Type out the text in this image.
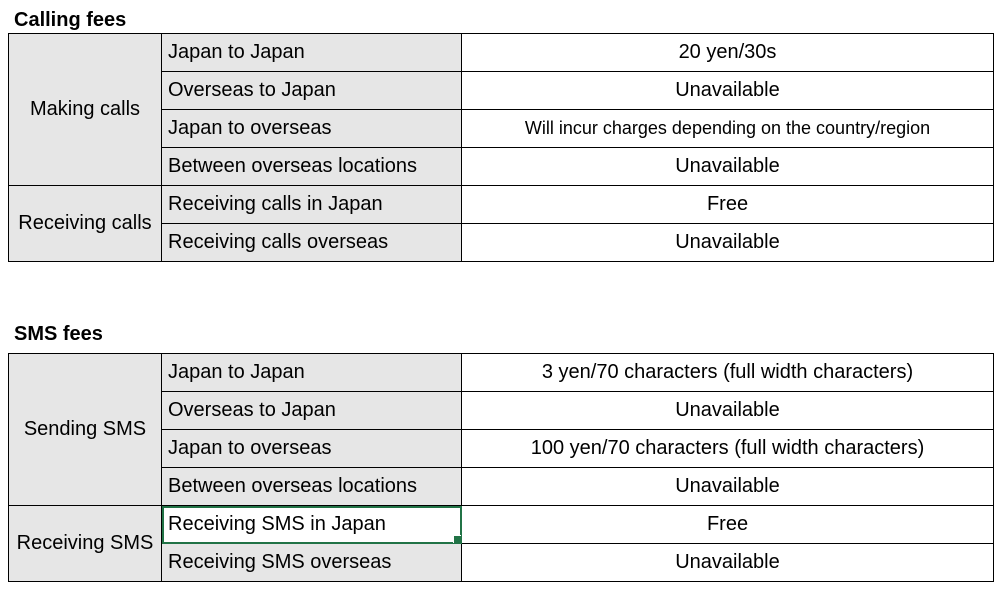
Calling fees
Making calls	Japan to Japan	20 yen/30s
	Overseas to Japan	Unavailable
	Japan to overseas	Will incur charges depending on the country/region
	Between overseas locations	Unavailable
Receiving calls	Receiving calls in Japan	Free
	Receiving calls overseas	Unavailable
SMS fees
Sending SMS	Japan to Japan	3 yen/70 characters (full width characters)
	Overseas to Japan	Unavailable
	Japan to overseas	100 yen/70 characters (full width characters)
	Between overseas locations	Unavailable
Receiving SMS	Receiving SMS in Japan	Free
	Receiving SMS overseas	Unavailable
